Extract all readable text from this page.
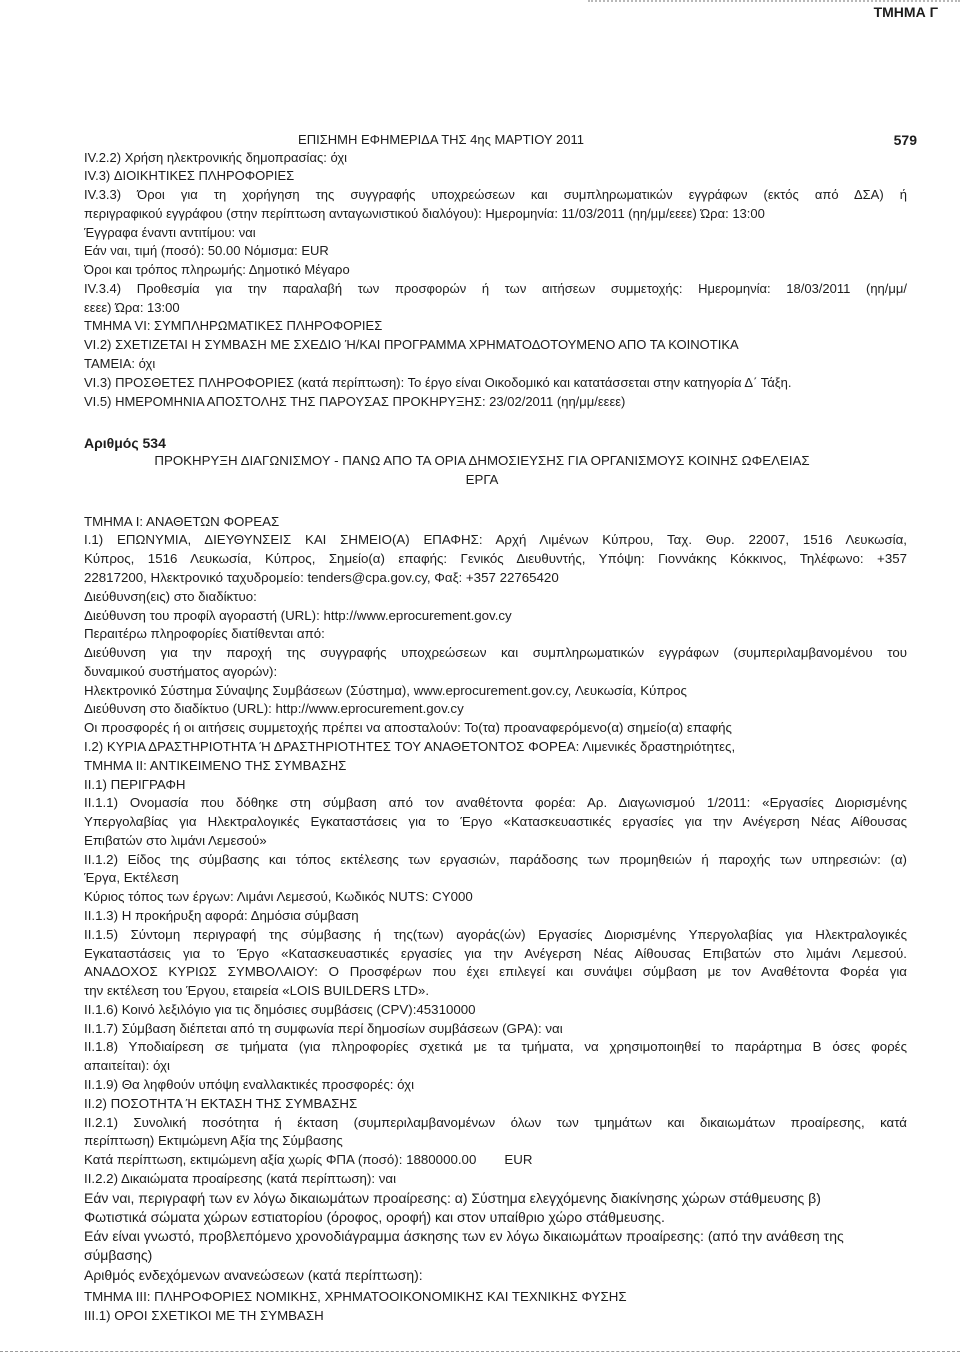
ΤΜΗΜΑ Γ
ΕΠΙΣΗΜΗ ΕΦΗΜΕΡΙΔΑ ΤΗΣ 4ης ΜΑΡΤΙΟΥ 2011	579
IV.2.2) Χρήση ηλεκτρονικής δημοπρασίας: όχι
IV.3) ΔΙΟΙΚΗΤΙΚΕΣ ΠΛΗΡΟΦΟΡΙΕΣ
IV.3.3) Όροι για τη χορήγηση της συγγραφής υποχρεώσεων και συμπληρωματικών εγγράφων (εκτός από ΔΣΑ) ή
περιγραφικού εγγράφου (στην περίπτωση ανταγωνιστικού διαλόγου): Ημερομηνία: 11/03/2011 (ηη/μμ/εεεε) Ώρα: 13:00
Έγγραφα έναντι αντιτίμου: ναι
Εάν ναι, τιμή (ποσό): 50.00 Νόμισμα: EUR
Όροι και τρόπος πληρωμής: Δημοτικό Μέγαρο
IV.3.4) Προθεσμία για την παραλαβή των προσφορών ή των αιτήσεων συμμετοχής: Ημερομηνία: 18/03/2011 (ηη/μμ/
εεεε) Ώρα: 13:00
ΤΜΗΜΑ VI: ΣΥΜΠΛΗΡΩΜΑΤΙΚΕΣ ΠΛΗΡΟΦΟΡΙΕΣ
VI.2) ΣΧΕΤΙΖΕΤΑΙ Η ΣΥΜΒΑΣΗ ΜΕ ΣΧΕΔΙΟ Ή/ΚΑΙ ΠΡΟΓΡΑΜΜΑ ΧΡΗΜΑΤΟΔΟΤΟΥΜΕΝΟ ΑΠΟ ΤΑ ΚΟΙΝΟΤΙΚΑ
ΤΑΜΕΙΑ: όχι
VI.3) ΠΡΟΣΘΕΤΕΣ ΠΛΗΡΟΦΟΡΙΕΣ (κατά περίπτωση): Το έργο είναι Οικοδομικό και κατατάσσεται στην κατηγορία Δ΄ Τάξη.
VI.5) ΗΜΕΡΟΜΗΝΙΑ ΑΠΟΣΤΟΛΗΣ ΤΗΣ ΠΑΡΟΥΣΑΣ ΠΡΟΚΗΡΥΞΗΣ: 23/02/2011 (ηη/μμ/εεεε)
Αριθμός 534
ΠΡΟΚΗΡΥΞΗ ΔΙΑΓΩΝΙΣΜΟΥ - ΠΑΝΩ ΑΠΟ ΤΑ ΟΡΙΑ ΔΗΜΟΣΙΕΥΣΗΣ ΓΙΑ ΟΡΓΑΝΙΣΜΟΥΣ ΚΟΙΝΗΣ ΩΦΕΛΕΙΑΣ
ΕΡΓΑ
ΤΜΗΜΑ Ι: ΑΝΑΘΕΤΩΝ ΦΟΡΕΑΣ
Ι.1) ΕΠΩΝΥΜΙΑ, ΔΙΕΥΘΥΝΣΕΙΣ ΚΑΙ ΣΗΜΕΙΟ(Α) ΕΠΑΦΗΣ: Αρχή Λιμένων Κύπρου, Ταχ. Θυρ. 22007, 1516 Λευκωσία,
Κύπρος, 1516 Λευκωσία, Κύπρος, Σημείο(α) επαφής: Γενικός Διευθυντής, Υπόψη: Γιοννάκης Κόκκινος, Τηλέφωνο: +357
22817200, Ηλεκτρονικό ταχυδρομείο: tenders@cpa.gov.cy, Φαξ: +357 22765420
Διεύθυνση(εις) στο διαδίκτυο:
Διεύθυνση του προφίλ αγοραστή (URL): http://www.eprocurement.gov.cy
Περαιτέρω πληροφορίες διατίθενται από:
Διεύθυνση για την παροχή της συγγραφής υποχρεώσεων και συμπληρωματικών εγγράφων (συμπεριλαμβανομένου του
δυναμικού συστήματος αγορών):
Ηλεκτρονικό Σύστημα Σύναψης Συμβάσεων (Σύστημα), www.eprocurement.gov.cy, Λευκωσία, Κύπρος
Διεύθυνση στο διαδίκτυο (URL): http://www.eprocurement.gov.cy
Οι προσφορές ή οι αιτήσεις συμμετοχής πρέπει να αποσταλούν: Το(τα) προαναφερόμενο(α) σημείο(α) επαφής
Ι.2) ΚΥΡΙΑ ΔΡΑΣΤΗΡΙΟΤΗΤΑ Ή ΔΡΑΣΤΗΡΙΟΤΗΤΕΣ ΤΟΥ ΑΝΑΘΕΤΟΝΤΟΣ ΦΟΡΕΑ: Λιμενικές δραστηριότητες,
ΤΜΗΜΑ ΙΙ: ΑΝΤΙΚΕΙΜΕΝΟ ΤΗΣ ΣΥΜΒΑΣΗΣ
ΙΙ.1) ΠΕΡΙΓΡΑΦΗ
ΙΙ.1.1) Ονομασία που δόθηκε στη σύμβαση από τον αναθέτοντα φορέα: Αρ. Διαγωνισμού 1/2011: «Εργασίες Διορισμένης
Υπεργολαβίας για Ηλεκτραλογικές Εγκαταστάσεις για το Έργο «Κατασκευαστικές εργασίες για την Ανέγερση Νέας Αίθουσας
Επιβατών στο λιμάνι Λεμεσού»
ΙΙ.1.2) Είδος της σύμβασης και τόπος εκτέλεσης των εργασιών, παράδοσης των προμηθειών ή παροχής των υπηρεσιών: (α)
Έργα, Εκτέλεση
Κύριος τόπος των έργων: Λιμάνι Λεμεσού, Κωδικός NUTS: CY000
ΙΙ.1.3) Η προκήρυξη αφορά: Δημόσια σύμβαση
ΙΙ.1.5) Σύντομη περιγραφή της σύμβασης ή της(των) αγοράς(ών) Εργασίες Διορισμένης Υπεργολαβίας για Ηλεκτραλογικές
Εγκαταστάσεις για το Έργο «Κατασκευαστικές εργασίες για την Ανέγερση Νέας Αίθουσας Επιβατών στο λιμάνι Λεμεσού.
ΑΝΑΔΟΧΟΣ ΚΥΡΙΩΣ ΣΥΜΒΟΛΑΙΟΥ: Ο Προσφέρων που έχει επιλεγεί και συνάψει σύμβαση με τον Αναθέτοντα Φορέα για
την εκτέλεση του Έργου, εταιρεία «LOIS BUILDERS LTD».
ΙΙ.1.6) Κοινό λεξιλόγιο για τις δημόσιες συμβάσεις (CPV):45310000
ΙΙ.1.7) Σύμβαση διέπεται από τη συμφωνία περί δημοσίων συμβάσεων (GPA): ναι
ΙΙ.1.8) Υποδιαίρεση σε τμήματα (για πληροφορίες σχετικά με τα τμήματα, να χρησιμοποιηθεί το παράρτημα Β όσες φορές
απαιτείται): όχι
ΙΙ.1.9) Θα ληφθούν υπόψη εναλλακτικές προσφορές: όχι
ΙΙ.2) ΠΟΣΟΤΗΤΑ Ή ΕΚΤΑΣΗ ΤΗΣ ΣΥΜΒΑΣΗΣ
ΙΙ.2.1) Συνολική ποσότητα ή έκταση (συμπεριλαμβανομένων όλων των τμημάτων και δικαιωμάτων προαίρεσης, κατά
περίπτωση) Εκτιμώμενη Αξία της Σύμβασης
Κατά περίπτωση, εκτιμώμενη αξία χωρίς ΦΠΑ (ποσό): 1880000.00 EUR
ΙΙ.2.2) Δικαιώματα προαίρεσης (κατά περίπτωση): ναι
Εάν ναι, περιγραφή των εν λόγω δικαιωμάτων προαίρεσης: α) Σύστημα ελεγχόμενης διακίνησης χώρων στάθμευσης β)
Φωτιστικά σώματα χώρων εστιατορίου (όροφος, οροφή) και στον υπαίθριο χώρο στάθμευσης.
Εάν είναι γνωστό, προβλεπόμενο χρονοδιάγραμμα άσκησης των εν λόγω δικαιωμάτων προαίρεσης: (από την ανάθεση της
σύμβασης)
Αριθμός ενδεχόμενων ανανεώσεων (κατά περίπτωση):
ΤΜΗΜΑ ΙΙΙ: ΠΛΗΡΟΦΟΡΙΕΣ ΝΟΜΙΚΗΣ, ΧΡΗΜΑΤΟΟΙΚΟΝΟΜΙΚΗΣ ΚΑΙ ΤΕΧΝΙΚΗΣ ΦΥΣΗΣ
ΙΙΙ.1) ΟΡΟΙ ΣΧΕΤΙΚΟΙ ΜΕ ΤΗ ΣΥΜΒΑΣΗ
